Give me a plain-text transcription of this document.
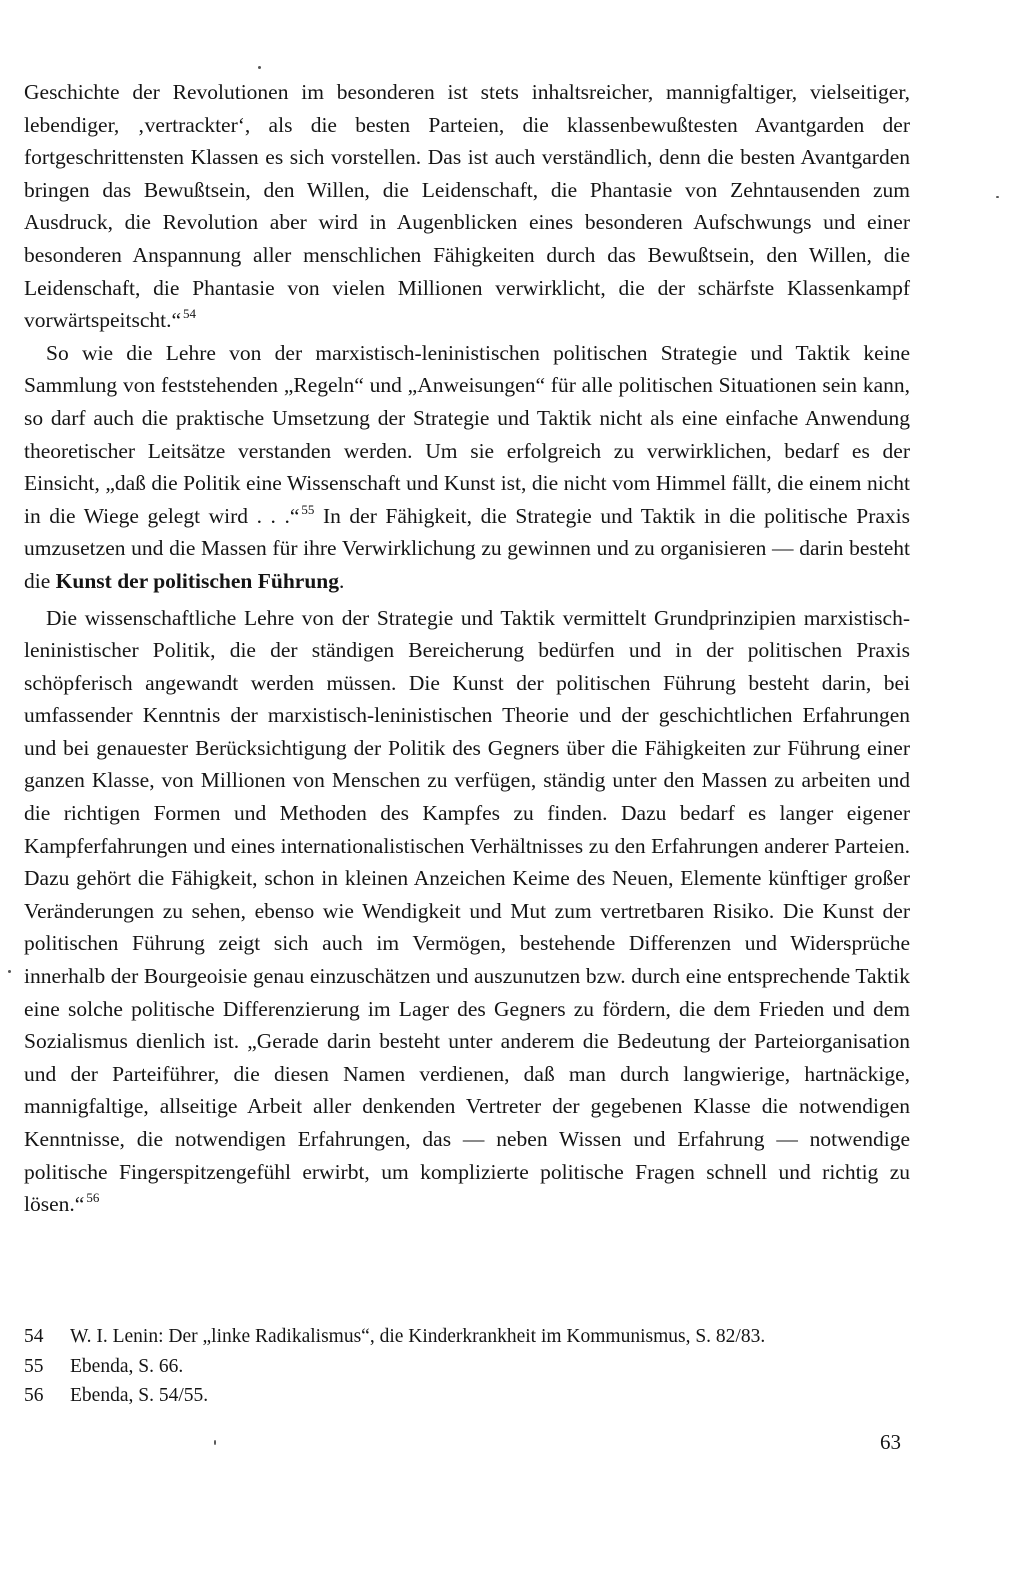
Geschichte der Revolutionen im besonderen ist stets inhaltsreicher, mannigfaltiger, vielseitiger, lebendiger, ‚vertrackter‘, als die besten Parteien, die klassenbewußtesten Avantgarden der fortgeschrittensten Klassen es sich vorstellen. Das ist auch verständlich, denn die besten Avantgarden bringen das Bewußtsein, den Willen, die Leidenschaft, die Phantasie von Zehntausenden zum Ausdruck, die Revolution aber wird in Augenblicken eines besonderen Aufschwungs und einer besonderen Anspannung aller menschlichen Fähigkeiten durch das Bewußtsein, den Willen, die Leidenschaft, die Phantasie von vielen Millionen verwirklicht, die der schärfste Klassenkampf vorwärtspeitscht.“ $^{54}$

So wie die Lehre von der marxistisch-leninistischen politischen Strategie und Taktik keine Sammlung von feststehenden „Regeln“ und „Anweisungen“ für alle politischen Situationen sein kann, so darf auch die praktische Umsetzung der Strategie und Taktik nicht als eine einfache Anwendung theoretischer Leitsätze verstanden werden. Um sie erfolgreich zu verwirklichen, bedarf es der Einsicht, „daß die Politik eine Wissenschaft und Kunst ist, die nicht vom Himmel fällt, die einem nicht in die Wiege gelegt wird . . .“ $^{55}$ In der Fähigkeit, die Strategie und Taktik in die politische Praxis umzusetzen und die Massen für ihre Verwirklichung zu gewinnen und zu organisieren — darin besteht die Kunst der politischen Führung.

Die wissenschaftliche Lehre von der Strategie und Taktik vermittelt Grundprinzipien marxistisch-leninistischer Politik, die der ständigen Bereicherung bedürfen und in der politischen Praxis schöpferisch angewandt werden müssen. Die Kunst der politischen Führung besteht darin, bei umfassender Kenntnis der marxistisch-leninistischen Theorie und der geschichtlichen Erfahrungen und bei genauester Berücksichtigung der Politik des Gegners über die Fähigkeiten zur Führung einer ganzen Klasse, von Millionen von Menschen zu verfügen, ständig unter den Massen zu arbeiten und die richtigen Formen und Methoden des Kampfes zu finden. Dazu bedarf es langer eigener Kampferfahrungen und eines internationalistischen Verhältnisses zu den Erfahrungen anderer Parteien. Dazu gehört die Fähigkeit, schon in kleinen Anzeichen Keime des Neuen, Elemente künftiger großer Veränderungen zu sehen, ebenso wie Wendigkeit und Mut zum vertretbaren Risiko. Die Kunst der politischen Führung zeigt sich auch im Vermögen, bestehende Differenzen und Widersprüche innerhalb der Bourgeoisie genau einzuschätzen und auszunutzen bzw. durch eine entsprechende Taktik eine solche politische Differenzierung im Lager des Gegners zu fördern, die dem Frieden und dem Sozialismus dienlich ist. „Gerade darin besteht unter anderem die Bedeutung der Parteiorganisation und der Parteiführer, die diesen Namen verdienen, daß man durch langwierige, hartnäckige, mannigfaltige, allseitige Arbeit aller denkenden Vertreter der gegebenen Klasse die notwendigen Kenntnisse, die notwendigen Erfahrungen, das — neben Wissen und Erfahrung — notwendige politische Fingerspitzengefühl erwirbt, um komplizierte politische Fragen schnell und richtig zu lösen.“ $^{56}$

54 W. I. Lenin: Der „linke Radikalismus“, die Kinderkrankheit im Kommunismus, S. 82/83.
55 Ebenda, S. 66.
56 Ebenda, S. 54/55.
63
